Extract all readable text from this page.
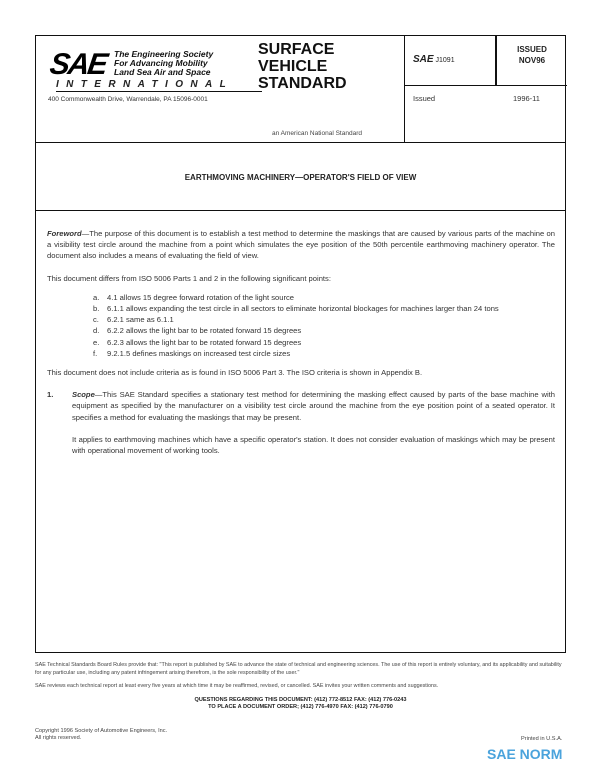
SAE The Engineering Society
For Advancing Mobility
Land Sea Air and Space
INTERNATIONAL
400 Commonwealth Drive, Warrendale, PA 15096-0001
SURFACE
VEHICLE
STANDARD
an American National Standard
SAE J1091
ISSUED
NOV96
Issued	1996-11
EARTHMOVING MACHINERY—OPERATOR'S FIELD OF VIEW

Foreword—The purpose of this document is to establish a test method to determine the maskings that are caused by various parts of the machine on a visibility test circle around the machine from a point which simulates the eye position of the 50th percentile earthmoving machinery operator. The document also includes a means of evaluating the field of view.

This document differs from ISO 5006 Parts 1 and 2 in the following significant points:

a.	4.1 allows 15 degree forward rotation of the light source
b.	6.1.1 allows expanding the test circle in all sectors to eliminate horizontal blockages for machines larger than 24 tons
c.	6.2.1 same as 6.1.1
d.	6.2.2 allows the light bar to be rotated forward 15 degrees
e.	6.2.3 allows the light bar to be rotated forward 15 degrees
f.	9.2.1.5 defines maskings on increased test circle sizes

This document does not include criteria as is found in ISO 5006 Part 3. The ISO criteria is shown in Appendix B.

1.	Scope—This SAE Standard specifies a stationary test method for determining the masking effect caused by parts of the base machine with equipment as specified by the manufacturer on a visibility test circle around the machine from the eye position point of a seated operator. It specifies a method for evaluating the maskings that may be present.

It applies to earthmoving machines which have a specific operator's station. It does not consider evaluation of maskings which may be present with operational movement of working tools.

SAE Technical Standards Board Rules provide that: "This report is published by SAE to advance the state of technical and engineering sciences. The use of this report is entirely voluntary, and its applicability and suitability for any particular use, including any patent infringement arising therefrom, is the sole responsibility of the user."

SAE reviews each technical report at least every five years at which time it may be reaffirmed, revised, or cancelled. SAE invites your written comments and suggestions.

QUESTIONS REGARDING THIS DOCUMENT: (412) 772-8512 FAX: (412) 776-0243
TO PLACE A DOCUMENT ORDER; (412) 776-4970 FAX: (412) 776-0790
Copyright 1996 Society of Automotive Engineers, Inc.
All rights reserved.	Printed in U.S.A.
SAE NORM
